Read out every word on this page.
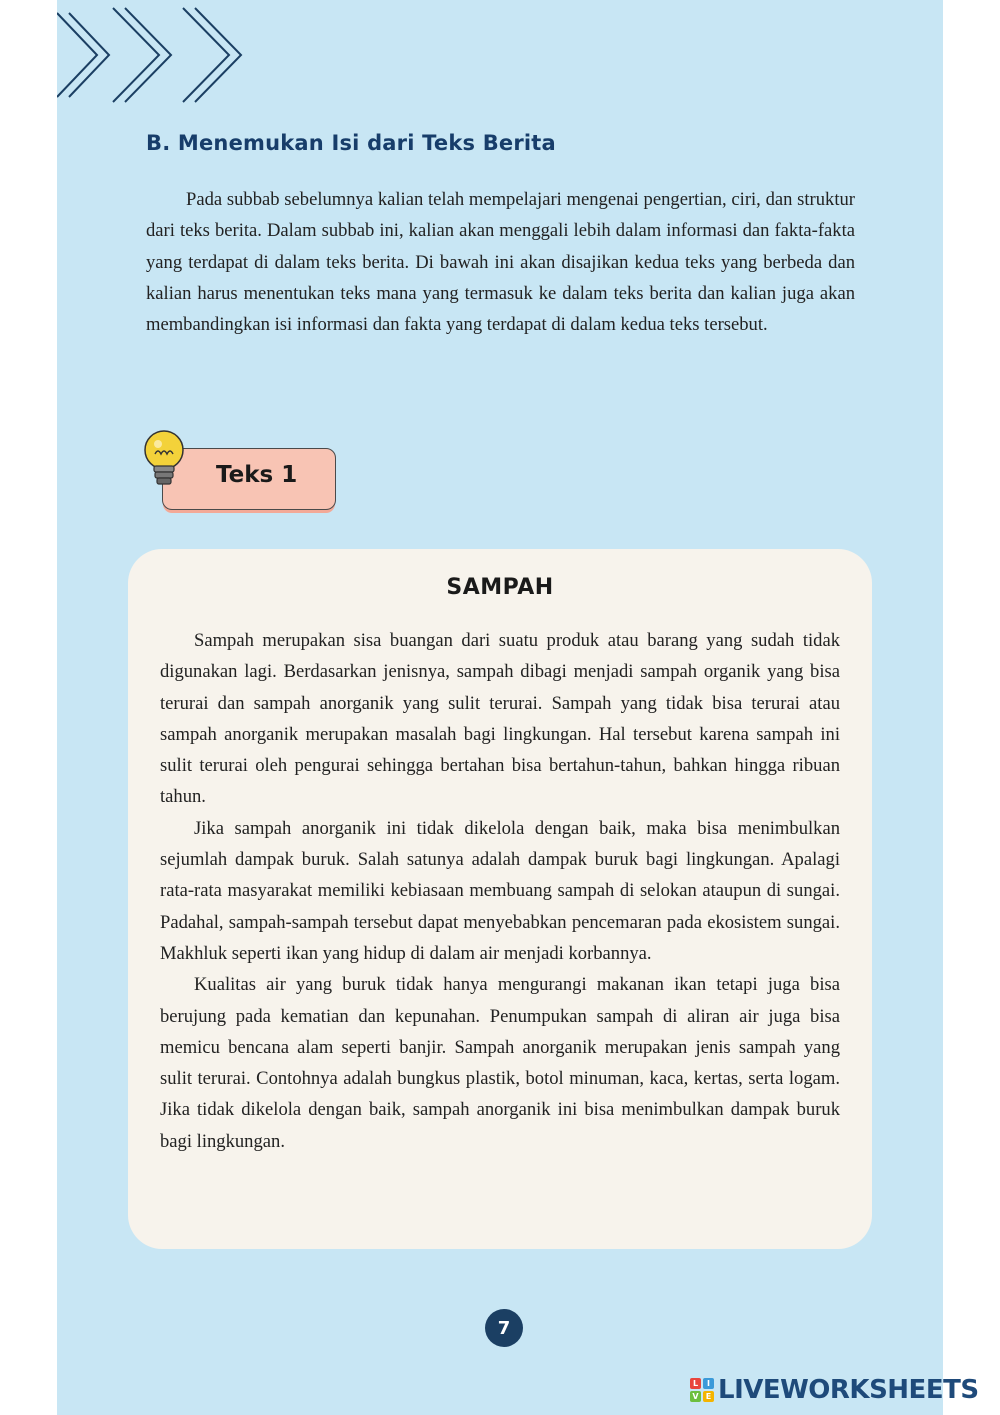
B. Menemukan Isi dari Teks Berita

Pada subbab sebelumnya kalian telah mempelajari mengenai pengertian, ciri, dan struktur dari teks berita. Dalam subbab ini, kalian akan menggali lebih dalam informasi dan fakta-fakta yang terdapat di dalam teks berita. Di bawah ini akan disajikan kedua teks yang berbeda dan kalian harus menentukan teks mana yang termasuk ke dalam teks berita dan kalian juga akan membandingkan isi informasi dan fakta yang terdapat di dalam kedua teks tersebut.

Teks 1
SAMPAH

Sampah merupakan sisa buangan dari suatu produk atau barang yang sudah tidak digunakan lagi. Berdasarkan jenisnya, sampah dibagi menjadi sampah organik yang bisa terurai dan sampah anorganik yang sulit terurai. Sampah yang tidak bisa terurai atau sampah anorganik merupakan masalah bagi lingkungan. Hal tersebut karena sampah ini sulit terurai oleh pengurai sehingga bertahan bisa bertahun-tahun, bahkan hingga ribuan tahun.

Jika sampah anorganik ini tidak dikelola dengan baik, maka bisa menimbulkan sejumlah dampak buruk. Salah satunya adalah dampak buruk bagi lingkungan. Apalagi rata-rata masyarakat memiliki kebiasaan membuang sampah di selokan ataupun di sungai. Padahal, sampah-sampah tersebut dapat menyebabkan pencemaran pada ekosistem sungai. Makhluk seperti ikan yang hidup di dalam air menjadi korbannya.

Kualitas air yang buruk tidak hanya mengurangi makanan ikan tetapi juga bisa berujung pada kematian dan kepunahan. Penumpukan sampah di aliran air juga bisa memicu bencana alam seperti banjir. Sampah anorganik merupakan jenis sampah yang sulit terurai. Contohnya adalah bungkus plastik, botol minuman, kaca, kertas, serta logam. Jika tidak dikelola dengan baik, sampah anorganik ini bisa menimbulkan dampak buruk bagi lingkungan.

7
L	I
V E LIVEWORKSHEETS
